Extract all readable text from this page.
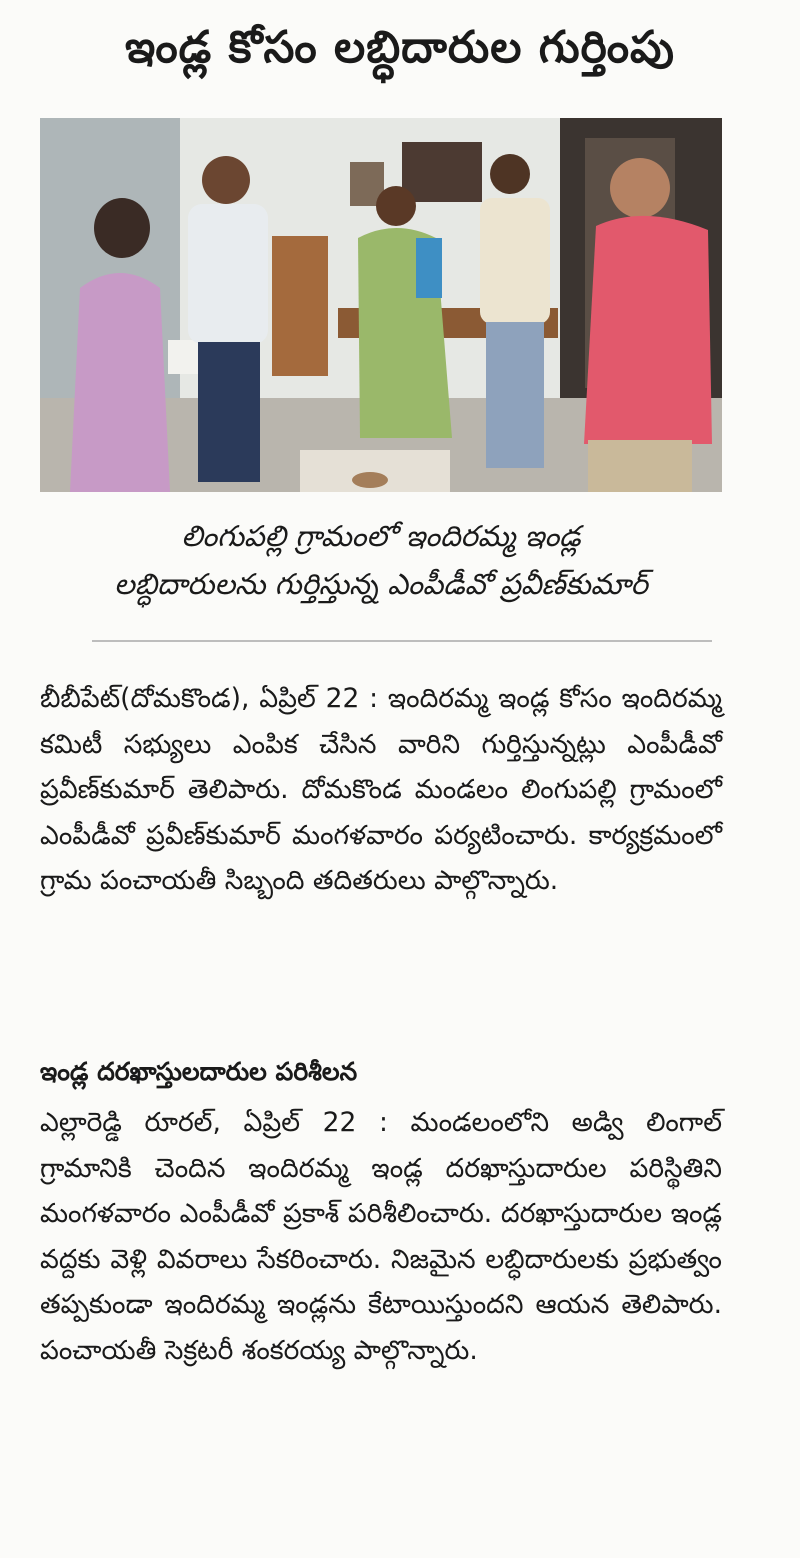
ఇండ్ల కోసం లబ్ధిదారుల గుర్తింపు
లింగుపల్లి గ్రామంలో ఇందిరమ్మ ఇండ్ల
లబ్ధిదారులను గుర్తిస్తున్న ఎంపీడీవో ప్రవీణ్‌కుమార్
బీబీపేట్(దోమకొండ), ఏప్రిల్ 22 : ఇందిరమ్మ ఇండ్ల కోసం ఇందిరమ్మ కమిటీ సభ్యులు ఎంపిక చేసిన వారిని గుర్తిస్తున్నట్లు ఎంపీడీవో ప్రవీణ్‌కుమార్ తెలిపారు. దోమకొండ మండలం లింగుపల్లి గ్రామంలో ఎంపీడీవో ప్రవీణ్‌కుమార్ మంగళవారం పర్యటించారు. కార్యక్రమంలో గ్రామ పంచాయతీ సిబ్బంది తదితరులు పాల్గొన్నారు.
ఇండ్ల దరఖాస్తులదారుల పరిశీలన
ఎల్లారెడ్డి రూరల్, ఏప్రిల్ 22 : మండలంలోని అడ్వి లింగాల్ గ్రామానికి చెందిన ఇందిరమ్మ ఇండ్ల దరఖాస్తుదారుల పరిస్థితిని మంగళవారం ఎంపీడీవో ప్రకాశ్ పరిశీలించారు. దరఖాస్తుదారుల ఇండ్ల వద్దకు వెళ్లి వివరాలు సేకరించారు. నిజమైన లబ్ధిదారులకు ప్రభుత్వం తప్పకుండా ఇందిరమ్మ ఇండ్లను కేటాయిస్తుందని ఆయన తెలిపారు. పంచాయతీ సెక్రటరీ శంకరయ్య పాల్గొన్నారు.
